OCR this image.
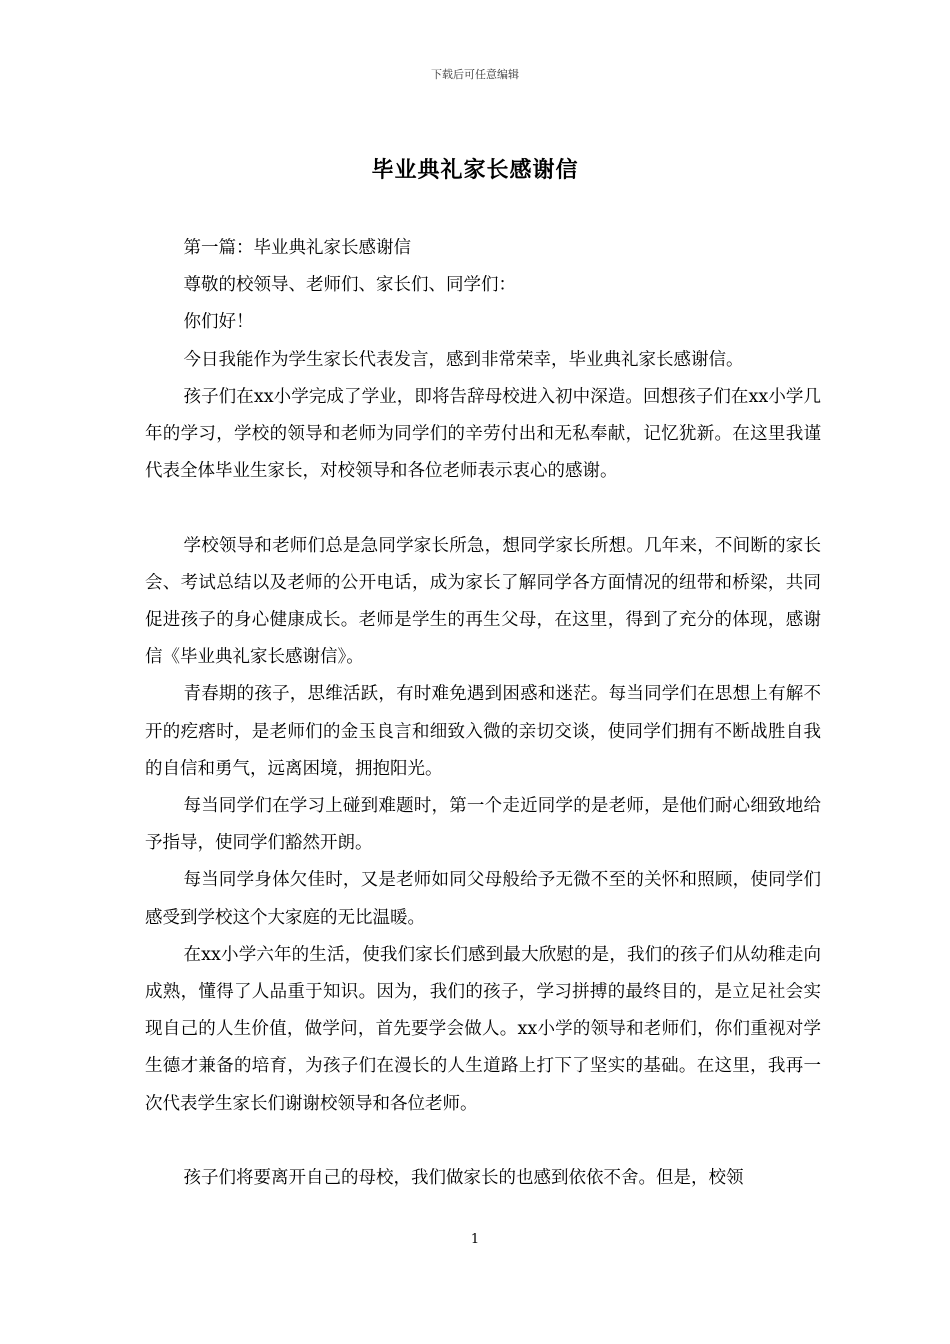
下载后可任意编辑
毕业典礼家长感谢信

第一篇：毕业典礼家长感谢信

尊敬的校领导、老师们、家长们、同学们：

你们好！

今日我能作为学生家长代表发言，感到非常荣幸，毕业典礼家长感谢信。

孩子们在xx小学完成了学业，即将告辞母校进入初中深造。回想孩子们在xx小学几年的学习，学校的领导和老师为同学们的辛劳付出和无私奉献，记忆犹新。在这里我谨代表全体毕业生家长，对校领导和各位老师表示衷心的感谢。

学校领导和老师们总是急同学家长所急，想同学家长所想。几年来，不间断的家长会、考试总结以及老师的公开电话，成为家长了解同学各方面情况的纽带和桥梁，共同促进孩子的身心健康成长。老师是学生的再生父母，在这里，得到了充分的体现，感谢信《毕业典礼家长感谢信》。

青春期的孩子，思维活跃，有时难免遇到困惑和迷茫。每当同学们在思想上有解不开的疙瘩时，是老师们的金玉良言和细致入微的亲切交谈，使同学们拥有不断战胜自我的自信和勇气，远离困境，拥抱阳光。

每当同学们在学习上碰到难题时，第一个走近同学的是老师，是他们耐心细致地给予指导，使同学们豁然开朗。

每当同学身体欠佳时，又是老师如同父母般给予无微不至的关怀和照顾，使同学们感受到学校这个大家庭的无比温暖。

在xx小学六年的生活，使我们家长们感到最大欣慰的是，我们的孩子们从幼稚走向成熟，懂得了人品重于知识。因为，我们的孩子，学习拼搏的最终目的，是立足社会实现自己的人生价值，做学问，首先要学会做人。xx小学的领导和老师们，你们重视对学生德才兼备的培育，为孩子们在漫长的人生道路上打下了坚实的基础。在这里，我再一次代表学生家长们谢谢校领导和各位老师。

孩子们将要离开自己的母校，我们做家长的也感到依依不舍。但是，校领

1
